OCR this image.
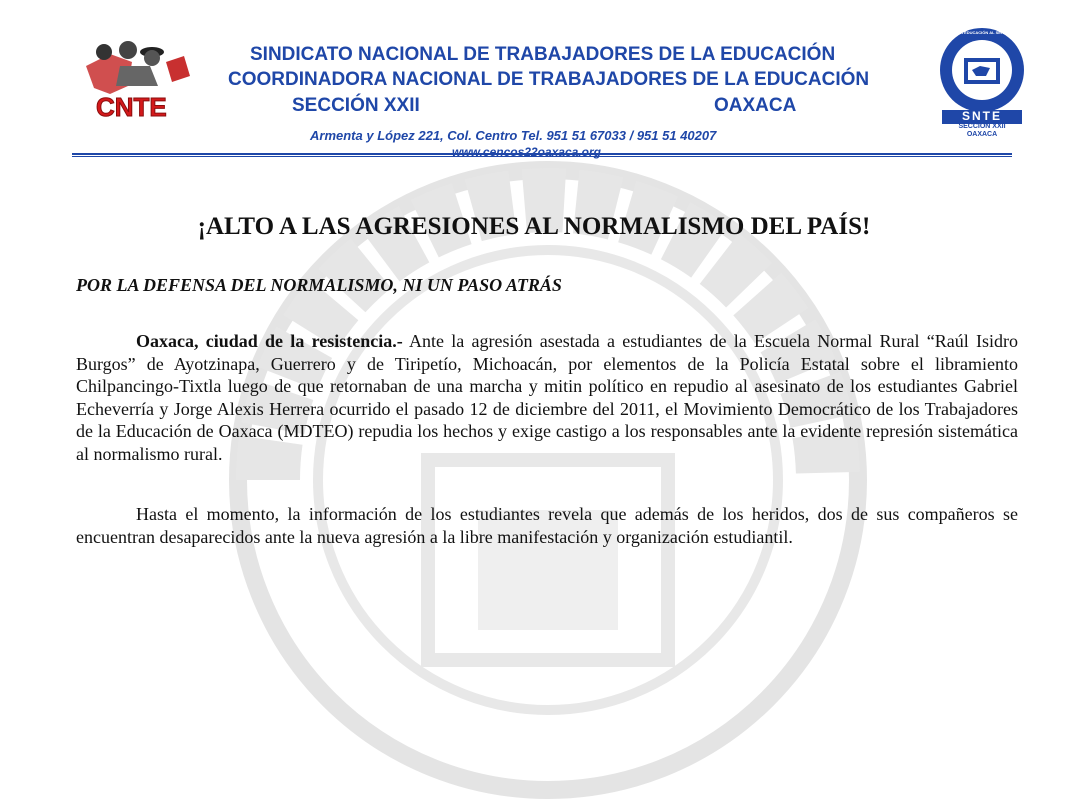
CNTE	SNTE
SECCION XXII
OAXACA
POR LA EDUCACIÓN AL SERVICIO DEL PUEBLO
SINDICATO NACIONAL DE TRABAJADORES DE LA EDUCACIÓN
COORDINADORA NACIONAL DE TRABAJADORES DE LA EDUCACIÓN
SECCIÓN XXII	OAXACA
Armenta y López 221, Col. Centro Tel. 951 51 67033 / 951 51 40207
www.cencos22oaxaca.org
¡ALTO A LAS AGRESIONES AL NORMALISMO DEL PAÍS!
POR LA DEFENSA DEL NORMALISMO, NI UN PASO ATRÁS
Oaxaca, ciudad de la resistencia.- Ante la agresión asestada a estudiantes de la Escuela Normal Rural “Raúl Isidro Burgos” de Ayotzinapa, Guerrero y de Tiripetío, Michoacán, por elementos de la Policía Estatal sobre el libramiento Chilpancingo-Tixtla luego de que retornaban de una marcha y mitin político en repudio al asesinato de los estudiantes Gabriel Echeverría y Jorge Alexis Herrera ocurrido el pasado 12 de diciembre del 2011, el Movimiento Democrático de los Trabajadores de la Educación de Oaxaca (MDTEO) repudia los hechos y exige castigo a los responsables ante la evidente represión sistemática al normalismo rural.
Hasta el momento, la información de los estudiantes revela que además de los heridos, dos de sus compañeros se encuentran desaparecidos ante la nueva agresión a la libre manifestación y organización estudiantil.
